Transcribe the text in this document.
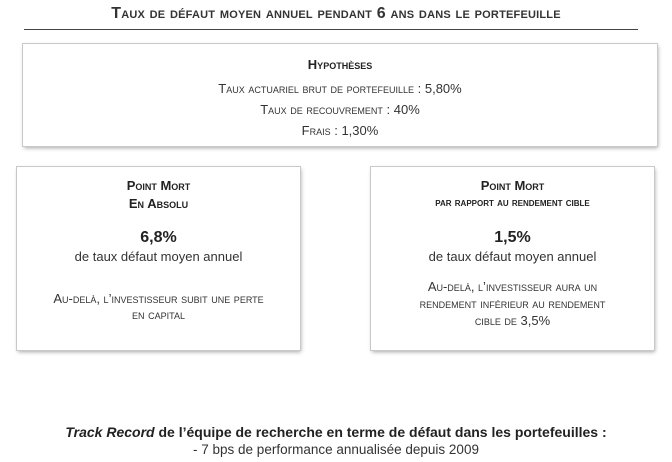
Taux de défaut moyen annuel pendant 6 ans dans le portefeuille
Hypothèses
Taux actuariel brut de portefeuille : 5,80%
Taux de recouvrement : 40%
Frais : 1,30%
Point Mort
En Absolu
6,8%
de taux défaut moyen annuel
Au-delà, l’investisseur subit une perte
en capital
Point Mort
par rapport au rendement cible
1,5%
de taux défaut moyen annuel
Au-delà, l’investisseur aura un
rendement inférieur au rendement
cible de 3,5%
Track Record de l’équipe de recherche en terme de défaut dans les portefeuilles :
- 7 bps de performance annualisée depuis 2009
